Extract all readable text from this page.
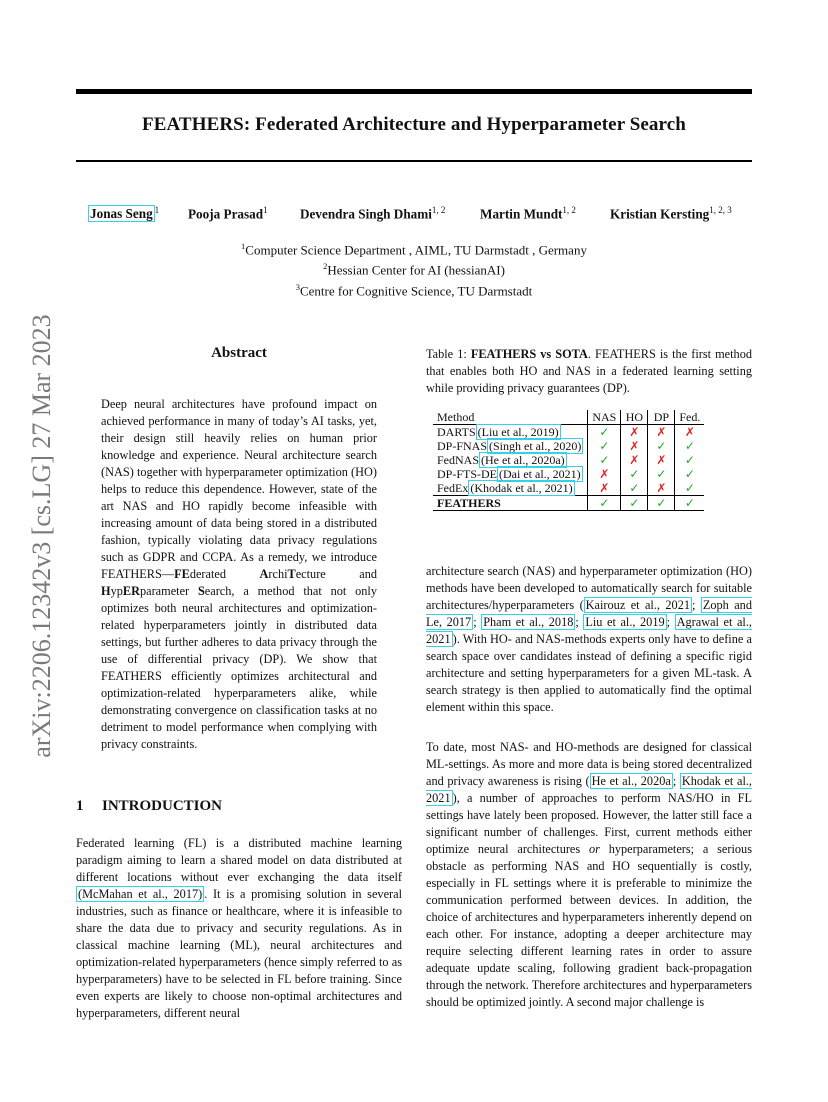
FEATHERS: Federated Architecture and Hyperparameter Search
Jonas Seng $^1$ Pooja Prasad$^1$ Devendra Singh Dhami$^{1, 2}$	Martin Mundt$^{1, 2}$	Kristian Kersting$^{1, 2, 3}$
$^1$Computer Science Department , AIML, TU Darmstadt , Germany
$^2$Hessian Center for AI (hessianAI)
$^3$Centre for Cognitive Science, TU Darmstadt
arXiv:2206.12342v3 [cs.LG] 27 Mar 2023	Abstract

Deep neural architectures have profound impact on achieved performance in many of today’s AI tasks, yet, their design still heavily relies on human prior knowledge and experience. Neural architecture search (NAS) together with hyperparameter optimization (HO) helps to reduce this dependence. However, state of the art NAS and HO rapidly become infeasible with increasing amount of data being stored in a distributed fashion, typically violating data privacy regulations such as GDPR and CCPA. As a remedy, we introduce FEATHERS—FEderated ArchiTecture and HypERparameter Search, a method that not only optimizes both neural architectures and optimization-related hyperparameters jointly in distributed data settings, but further adheres to data privacy through the use of differential privacy (DP). We show that FEATHERS efficiently optimizes architectural and optimization-related hyperparameters alike, while demonstrating convergence on classification tasks at no detriment to model performance when complying with privacy constraints.

1 INTRODUCTION

Federated learning (FL) is a distributed machine learning paradigm aiming to learn a shared model on data distributed at different locations without ever exchanging the data itself (McMahan et al., 2017) . It is a promising solution in several industries, such as finance or healthcare, where it is infeasible to share the data due to privacy and security regulations. As in classical machine learning (ML), neural architectures and optimization-related hyperparameters (hence simply referred to as hyperparameters) have to be selected in FL before training. Since even experts are likely to choose non-optimal architectures and hyperparameters, different neural

Table 1: FEATHERS vs SOTA. FEATHERS is the first method that enables both HO and NAS in a federated learning setting while providing privacy guarantees (DP).
Method	NAS	HO	DP	Fed.
DARTS (Liu et al., 2019)	✓	✗	✗	✗
DP-FNAS (Singh et al., 2020)	✓	✗	✓	✓
FedNAS (He et al., 2020a)	✓	✗	✗	✓
DP-FTS-DE (Dai et al., 2021)	✗	✓	✓	✓
FedEx (Khodak et al., 2021)	✗	✓	✗	✓
FEATHERS	✓	✓	✓	✓

architecture search (NAS) and hyperparameter optimization (HO) methods have been developed to automatically search for suitable architectures/hyperparameters ( Kairouz et al., 2021 ; Zoph and Le, 2017 ; Pham et al., 2018 ; Liu et al., 2019 ; Agrawal et al., 2021 ). With HO- and NAS-methods experts only have to define a search space over candidates instead of defining a specific rigid architecture and setting hyperparameters for a given ML-task. A search strategy is then applied to automatically find the optimal element within this space.

To date, most NAS- and HO-methods are designed for classical ML-settings. As more and more data is being stored decentralized and privacy awareness is rising ( He et al., 2020a ; Khodak et al., 2021 ), a number of approaches to perform NAS/HO in FL settings have lately been proposed. However, the latter still face a significant number of challenges. First, current methods either optimize neural architectures or hyperparameters; a serious obstacle as performing NAS and HO sequentially is costly, especially in FL settings where it is preferable to minimize the communication performed between devices. In addition, the choice of architectures and hyperparameters inherently depend on each other. For instance, adopting a deeper architecture may require selecting different learning rates in order to assure adequate update scaling, following gradient back-propagation through the network. Therefore architectures and hyperparameters should be optimized jointly. A second major challenge is
